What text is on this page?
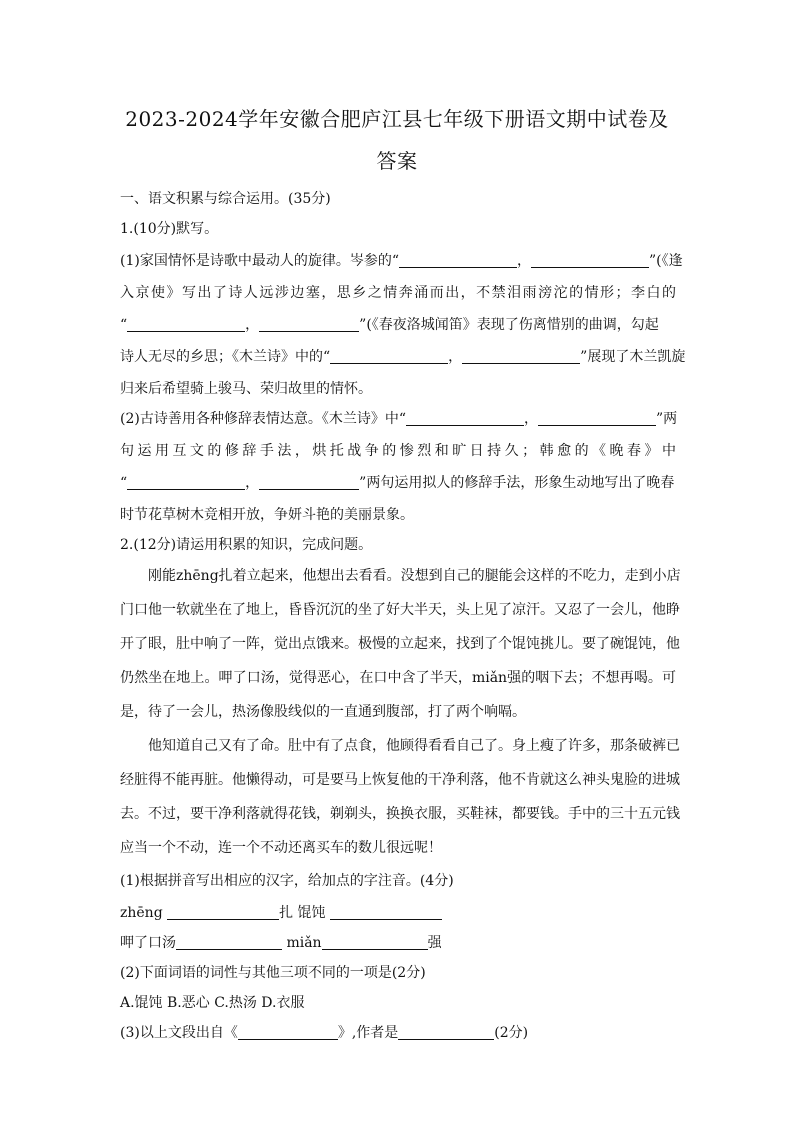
2023-2024学年安徽合肥庐江县七年级下册语文期中试卷及
答案
一、语文积累与综合运用。(35分)
1.(10分)默写。
(1)家国情怀是诗歌中最动人的旋律。岑参的“	，	”(《逢
入京使》写出了诗人远涉边塞，思乡之情奔涌而出，不禁泪雨滂沱的情形；李白的
“	，	”(《春夜洛城闻笛》表现了伤离惜别的曲调，勾起
诗人无尽的乡思；《木兰诗》中的“	，	”展现了木兰凯旋
归来后希望骑上骏马、荣归故里的情怀。
(2)古诗善用各种修辞表情达意。《木兰诗》中“	，	”两
句运用互文的修辞手法，烘托战争的惨烈和旷日持久；韩愈的《晚春》中
“	，	”两句运用拟人的修辞手法，形象生动地写出了晚春
时节花草树木竞相开放，争妍斗艳的美丽景象。
2.(12分)请运用积累的知识，完成问题。
刚能zhēng扎着立起来，他想出去看看。没想到自己的腿能会这样的不吃力，走到小店
门口他一软就坐在了地上，昏昏沉沉的坐了好大半天，头上见了凉汗。又忍了一会儿，他睁
开了眼，肚中响了一阵，觉出点饿来。极慢的立起来，找到了个馄饨挑儿。要了碗馄饨，他
仍然坐在地上。呷了口汤，觉得恶心，在口中含了半天，miǎn强的咽下去；不想再喝。可
是，待了一会儿，热汤像股线似的一直通到腹部，打了两个响嗝。
他知道自己又有了命。肚中有了点食，他顾得看看自己了。身上瘦了许多，那条破裤已
经脏得不能再脏。他懒得动，可是要马上恢复他的干净利落，他不肯就这么神头鬼脸的进城
去。不过，要干净利落就得花钱，剃剃头，换换衣服，买鞋袜，都要钱。手中的三十五元钱
应当一个不动，连一个不动还离买车的数儿很远呢！
(1)根据拼音写出相应的汉字，给加点的字注音。(4分)
zhēng	扎 馄饨
呷了口汤	miǎn	强
(2)下面词语的词性与其他三项不同的一项是(2分)
A.馄饨 B.恶心 C.热汤 D.衣服
(3)以上文段出自《	》,作者是	(2分)
